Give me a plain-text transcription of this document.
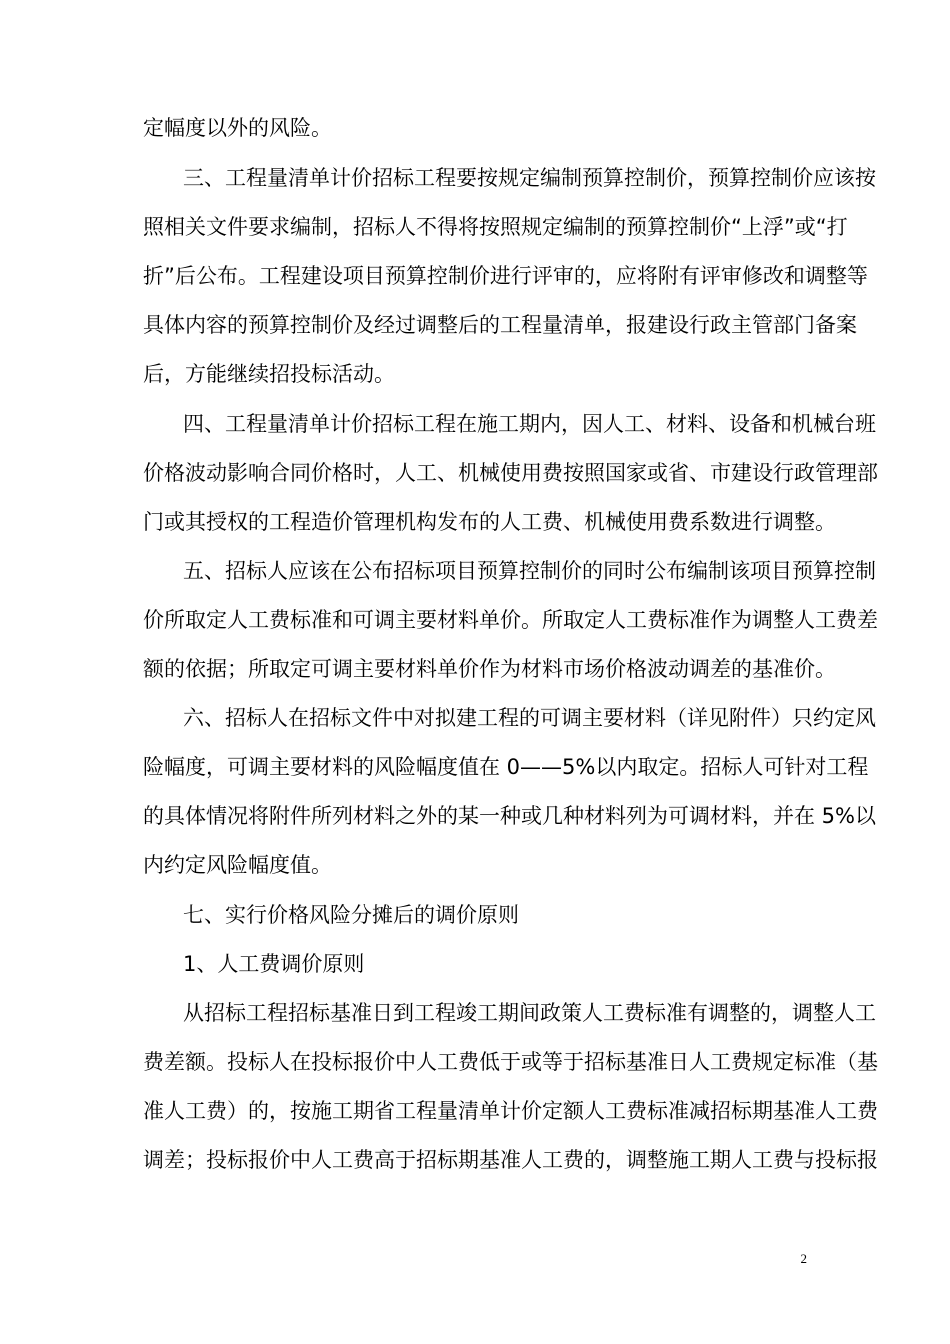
定幅度以外的风险。
三、工程量清单计价招标工程要按规定编制预算控制价，预算控制价应该按
照相关文件要求编制，招标人不得将按照规定编制的预算控制价“上浮”或“打
折”后公布。工程建设项目预算控制价进行评审的，应将附有评审修改和调整等
具体内容的预算控制价及经过调整后的工程量清单，报建设行政主管部门备案
后，方能继续招投标活动。
四、工程量清单计价招标工程在施工期内，因人工、材料、设备和机械台班
价格波动影响合同价格时，人工、机械使用费按照国家或省、市建设行政管理部
门或其授权的工程造价管理机构发布的人工费、机械使用费系数进行调整。
五、招标人应该在公布招标项目预算控制价的同时公布编制该项目预算控制
价所取定人工费标准和可调主要材料单价。所取定人工费标准作为调整人工费差
额的依据；所取定可调主要材料单价作为材料市场价格波动调差的基准价。
六、招标人在招标文件中对拟建工程的可调主要材料（详见附件）只约定风
险幅度，可调主要材料的风险幅度值在 0——5%以内取定。招标人可针对工程
的具体情况将附件所列材料之外的某一种或几种材料列为可调材料，并在 5%以
内约定风险幅度值。
七、实行价格风险分摊后的调价原则
1、人工费调价原则
从招标工程招标基准日到工程竣工期间政策人工费标准有调整的，调整人工
费差额。投标人在投标报价中人工费低于或等于招标基准日人工费规定标准（基
准人工费）的，按施工期省工程量清单计价定额人工费标准减招标期基准人工费
调差；投标报价中人工费高于招标期基准人工费的，调整施工期人工费与投标报
2
